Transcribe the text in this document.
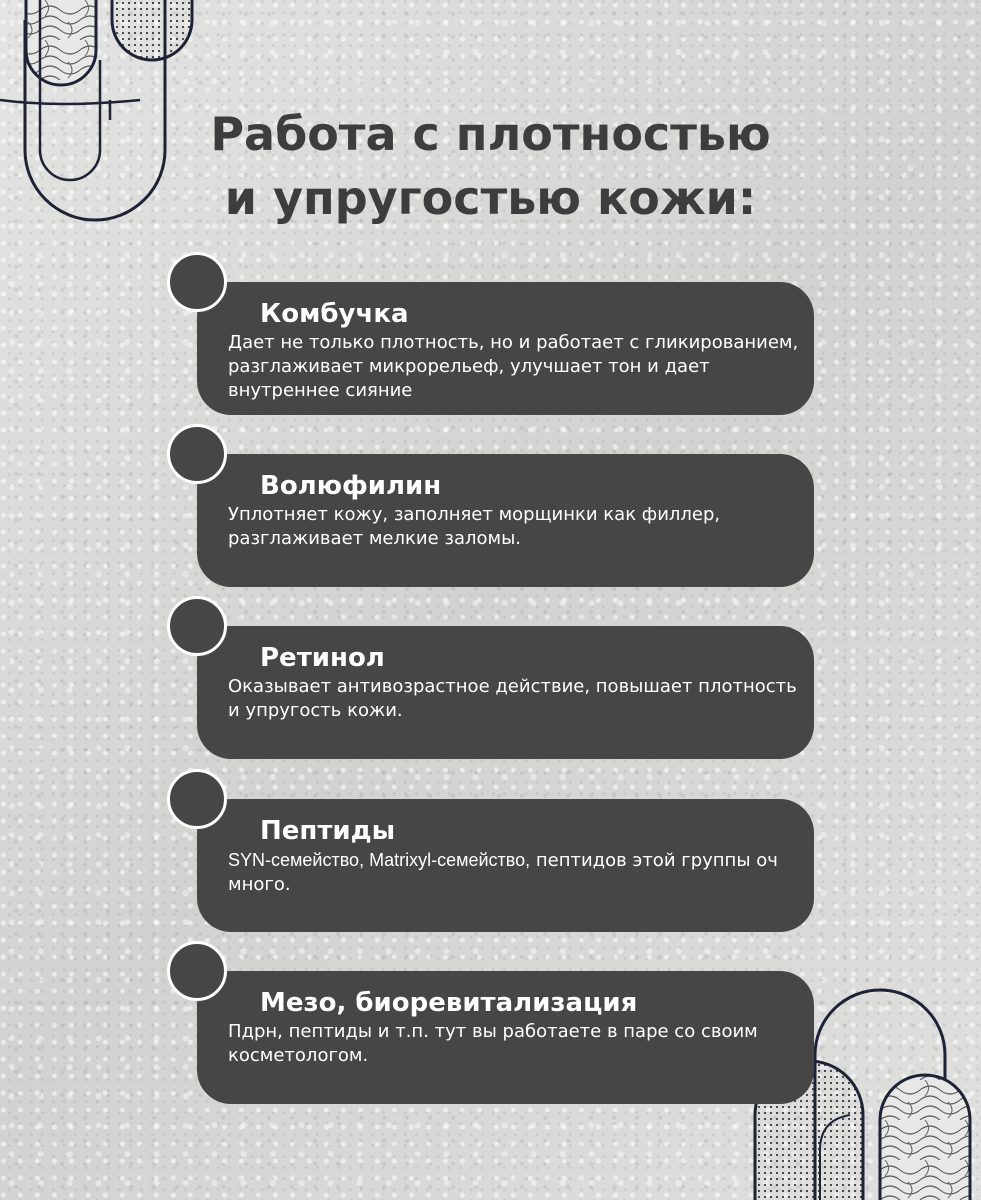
Работа с плотностью
и упругостью кожи:
Комбучка

Дает не только плотность, но и работает с гликированием, разглаживает микрорельеф, улучшает тон и дает внутреннее сияние

Волюфилин

Уплотняет кожу, заполняет морщинки как филлер, разглаживает мелкие заломы.

Ретинол

Оказывает антивозрастное действие, повышает плотность и упругость кожи.

Пептиды

SYN-семейство, Matrixyl-семейство, пептидов этой группы оч много.

Мезо, биоревитализация

Пдрн, пептиды и т.п. тут вы работаете в паре со своим косметологом.
